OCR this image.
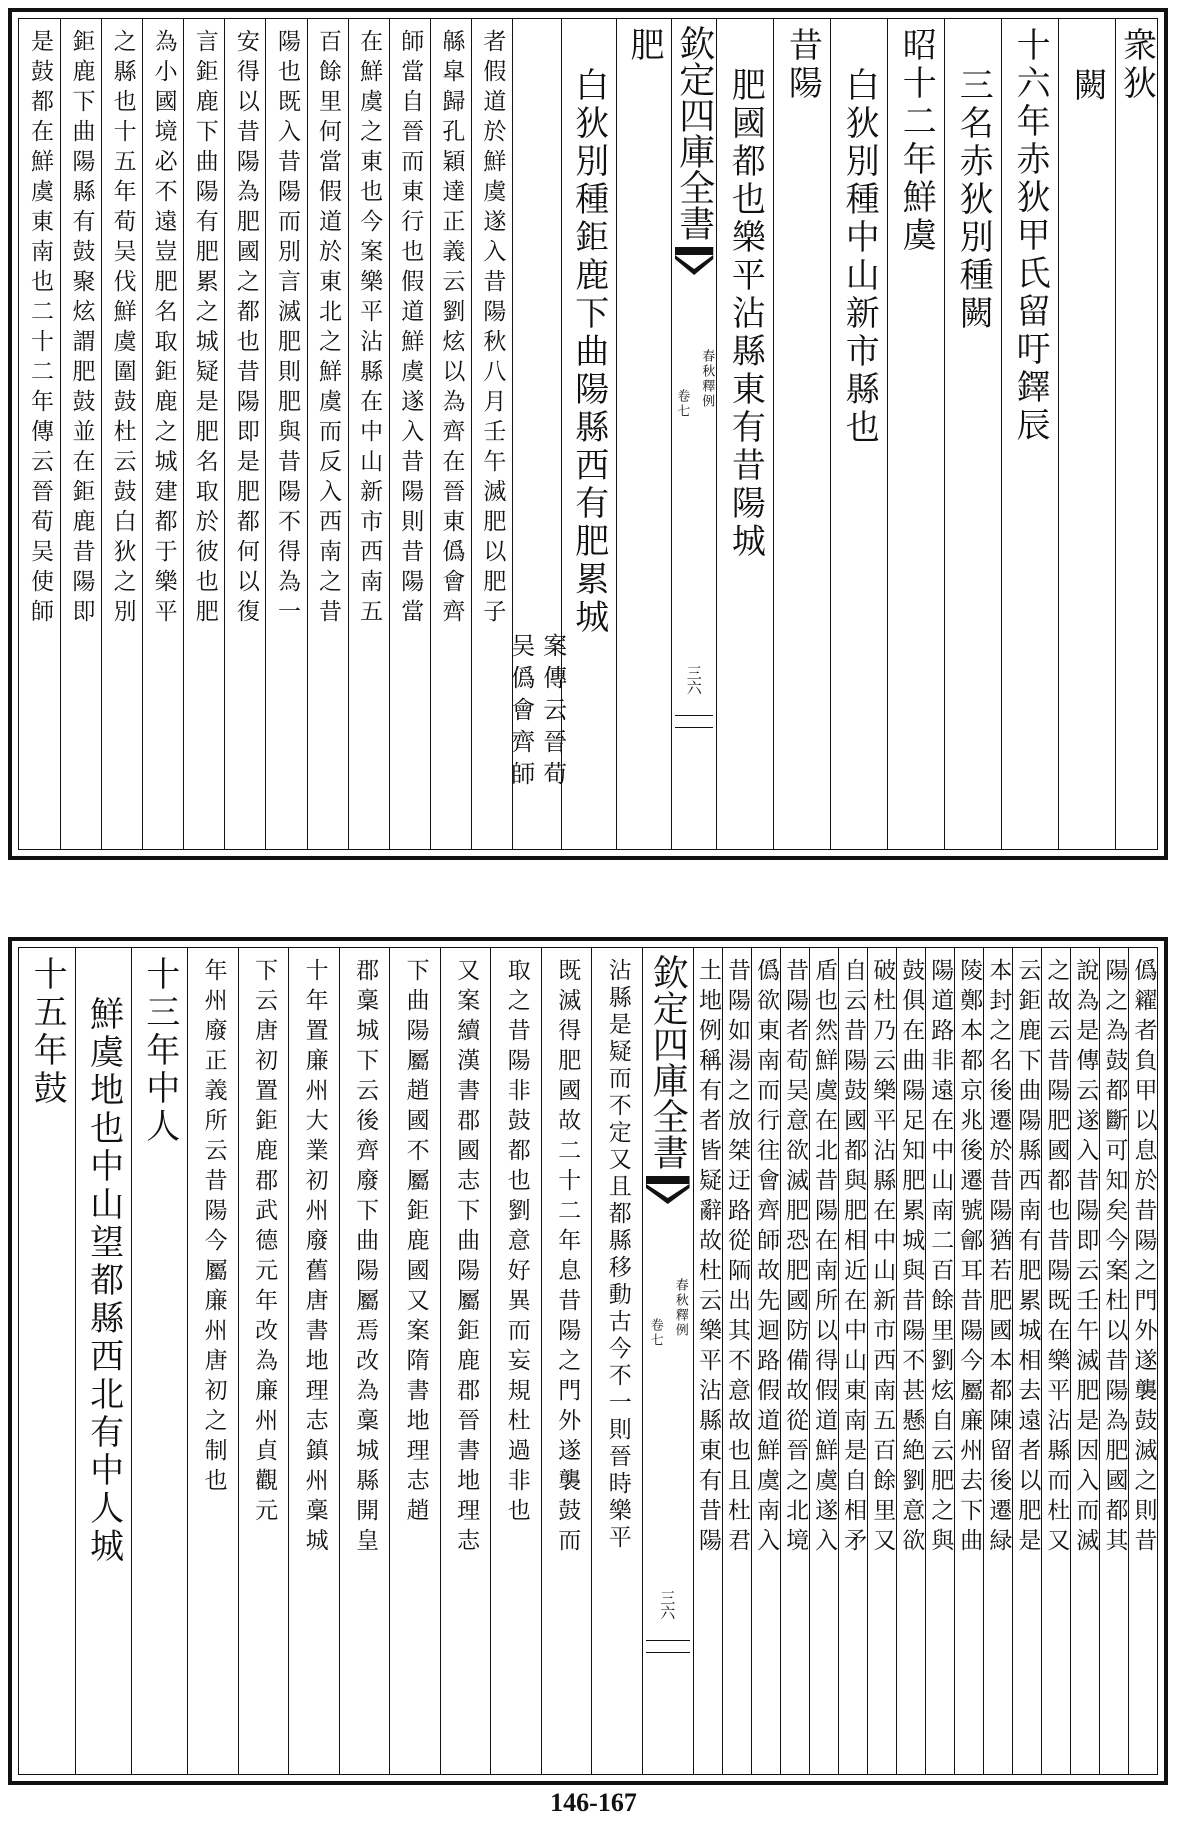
衆狄
闕
十六年赤狄甲氏留吁鐸辰
三名赤狄別種闕
昭十二年鮮虞
白狄別種中山新市縣也
昔陽
肥國都也樂平沾縣東有昔陽城
欽定四庫全書
春秋釋例
卷七
三六
肥
白狄別種鉅鹿下曲陽縣西有肥累城
案傳云晉荀
吴僞會齊師
者假道於鮮虞遂入昔陽秋八月壬午滅肥以肥子
緜皐歸孔穎達正義云劉炫以為齊在晉東僞會齊
師當自晉而東行也假道鮮虞遂入昔陽則昔陽當
在鮮虞之東也今案樂平沾縣在中山新市西南五
百餘里何當假道於東北之鮮虞而反入西南之昔
陽也既入昔陽而別言滅肥則肥與昔陽不得為一
安得以昔陽為肥國之都也昔陽即是肥都何以復
言鉅鹿下曲陽有肥累之城疑是肥名取於彼也肥
為小國境必不遠豈肥名取鉅鹿之城建都于樂平
之縣也十五年荀吴伐鮮虞圍鼓杜云鼓白狄之別
鉅鹿下曲陽縣有鼓聚炫謂肥鼓並在鉅鹿昔陽即
是鼓都在鮮虞東南也二十二年傳云晉荀吴使師
僞糴者負甲以息於昔陽之門外遂襲鼓滅之則昔
陽之為鼓都斷可知矣今案杜以昔陽為肥國都其
說為是傳云遂入昔陽即云壬午滅肥是因入而滅
之故云昔陽肥國都也昔陽既在樂平沾縣而杜又
云鉅鹿下曲陽縣西南有肥累城相去遠者以肥是
本封之名後遷於昔陽猶若肥國本都陳留後遷緑
陵鄭本都京兆後遷號鄶耳昔陽今屬廉州去下曲
陽道路非遠在中山南二百餘里劉炫自云肥之與
鼓俱在曲陽足知肥累城與昔陽不甚懸絶劉意欲
破杜乃云樂平沾縣在中山新市西南五百餘里又
自云昔陽鼓國都與肥相近在中山東南是自相矛
盾也然鮮虞在北昔陽在南所以得假道鮮虞遂入
昔陽者荀吴意欲滅肥恐肥國防備故從晉之北境
僞欲東南而行往會齊師故先迴路假道鮮虞南入
昔陽如湯之放桀迂路從陑出其不意故也且杜君
土地例稱有者皆疑辭故杜云樂平沾縣東有昔陽
欽定四庫全書
春秋釋例
卷七
三六
沾縣是疑而不定又且都縣移動古今不一則晉時樂平
既滅得肥國故二十二年息昔陽之門外遂襲鼓而
取之昔陽非鼓都也劉意好異而妄規杜過非也
又案續漢書郡國志下曲陽屬鉅鹿郡晉書地理志
下曲陽屬趙國不屬鉅鹿國又案隋書地理志趙
郡稾城下云後齊廢下曲陽屬焉改為稾城縣開皇
十年置廉州大業初州廢舊唐書地理志鎮州稾城
下云唐初置鉅鹿郡武德元年改為廉州貞觀元
年州廢正義所云昔陽今屬廉州唐初之制也
十三年中人
鮮虞地也中山望都縣西北有中人城
十五年鼓
146-167
